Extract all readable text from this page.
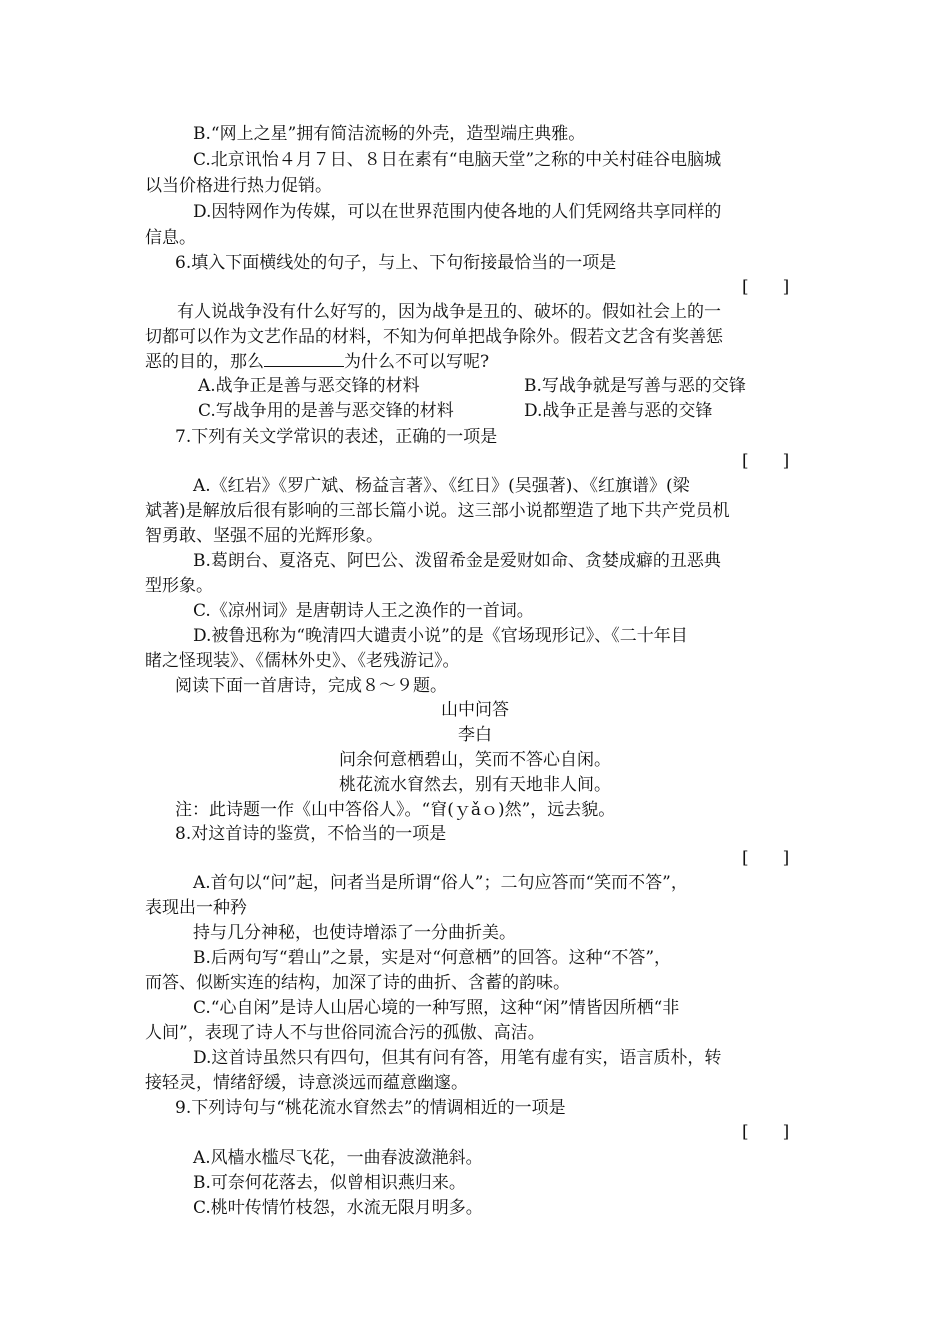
B.“网上之星”拥有简洁流畅的外壳，造型端庄典雅。
C.北京讯怡４月７日、８日在素有“电脑天堂”之称的中关村硅谷电脑城
以当价格进行热力促销。
D.因特网作为传媒，可以在世界范围内使各地的人们凭网络共享同样的
信息。
6.填入下面横线处的句子，与上、下句衔接最恰当的一项是
[　　]
有人说战争没有什么好写的，因为战争是丑的、破坏的。假如社会上的一
切都可以作为文艺作品的材料，不知为何单把战争除外。假若文艺含有奖善惩
恶的目的，那么	为什么不可以写呢?
A.战争正是善与恶交锋的材料	B.写战争就是写善与恶的交锋
C.写战争用的是善与恶交锋的材料	D.战争正是善与恶的交锋
7.下列有关文学常识的表述，正确的一项是
[　　]
A.《红岩》《罗广斌、杨益言著》、《红日》(吴强著)、《红旗谱》(梁
斌著)是解放后很有影响的三部长篇小说。这三部小说都塑造了地下共产党员机
智勇敢、坚强不屈的光辉形象。
B.葛朗台、夏洛克、阿巴公、泼留希金是爱财如命、贪婪成癖的丑恶典
型形象。
C.《凉州词》是唐朝诗人王之涣作的一首词。
D.被鲁迅称为“晚清四大谴责小说”的是《官场现形记》、《二十年目
睹之怪现装》、《儒林外史》、《老残游记》。
阅读下面一首唐诗，完成８～９题。
山中问答
李白
问余何意栖碧山，笑而不答心自闲。
桃花流水窅然去，别有天地非人间。
注：此诗题一作《山中答俗人》。“窅(ｙǎｏ)然”，远去貌。
8.对这首诗的鉴赏，不恰当的一项是
[　　]
A.首句以“问”起，问者当是所谓“俗人”；二句应答而“笑而不答”，
表现出一种矜
持与几分神秘，也使诗增添了一分曲折美。
B.后两句写“碧山”之景，实是对“何意栖”的回答。这种“不答”，
而答、似断实连的结构，加深了诗的曲折、含蓄的韵味。
C.“心自闲”是诗人山居心境的一种写照，这种“闲”情皆因所栖“非
人间”，表现了诗人不与世俗同流合污的孤傲、高洁。
D.这首诗虽然只有四句，但其有问有答，用笔有虚有实，语言质朴，转
接轻灵，情绪舒缓，诗意淡远而蕴意幽邃。
9.下列诗句与“桃花流水窅然去”的情调相近的一项是
[　　]
A.风樯水槛尽飞花，一曲春波潋滟斜。
B.可奈何花落去，似曾相识燕归来。
C.桃叶传情竹枝怨，水流无限月明多。
